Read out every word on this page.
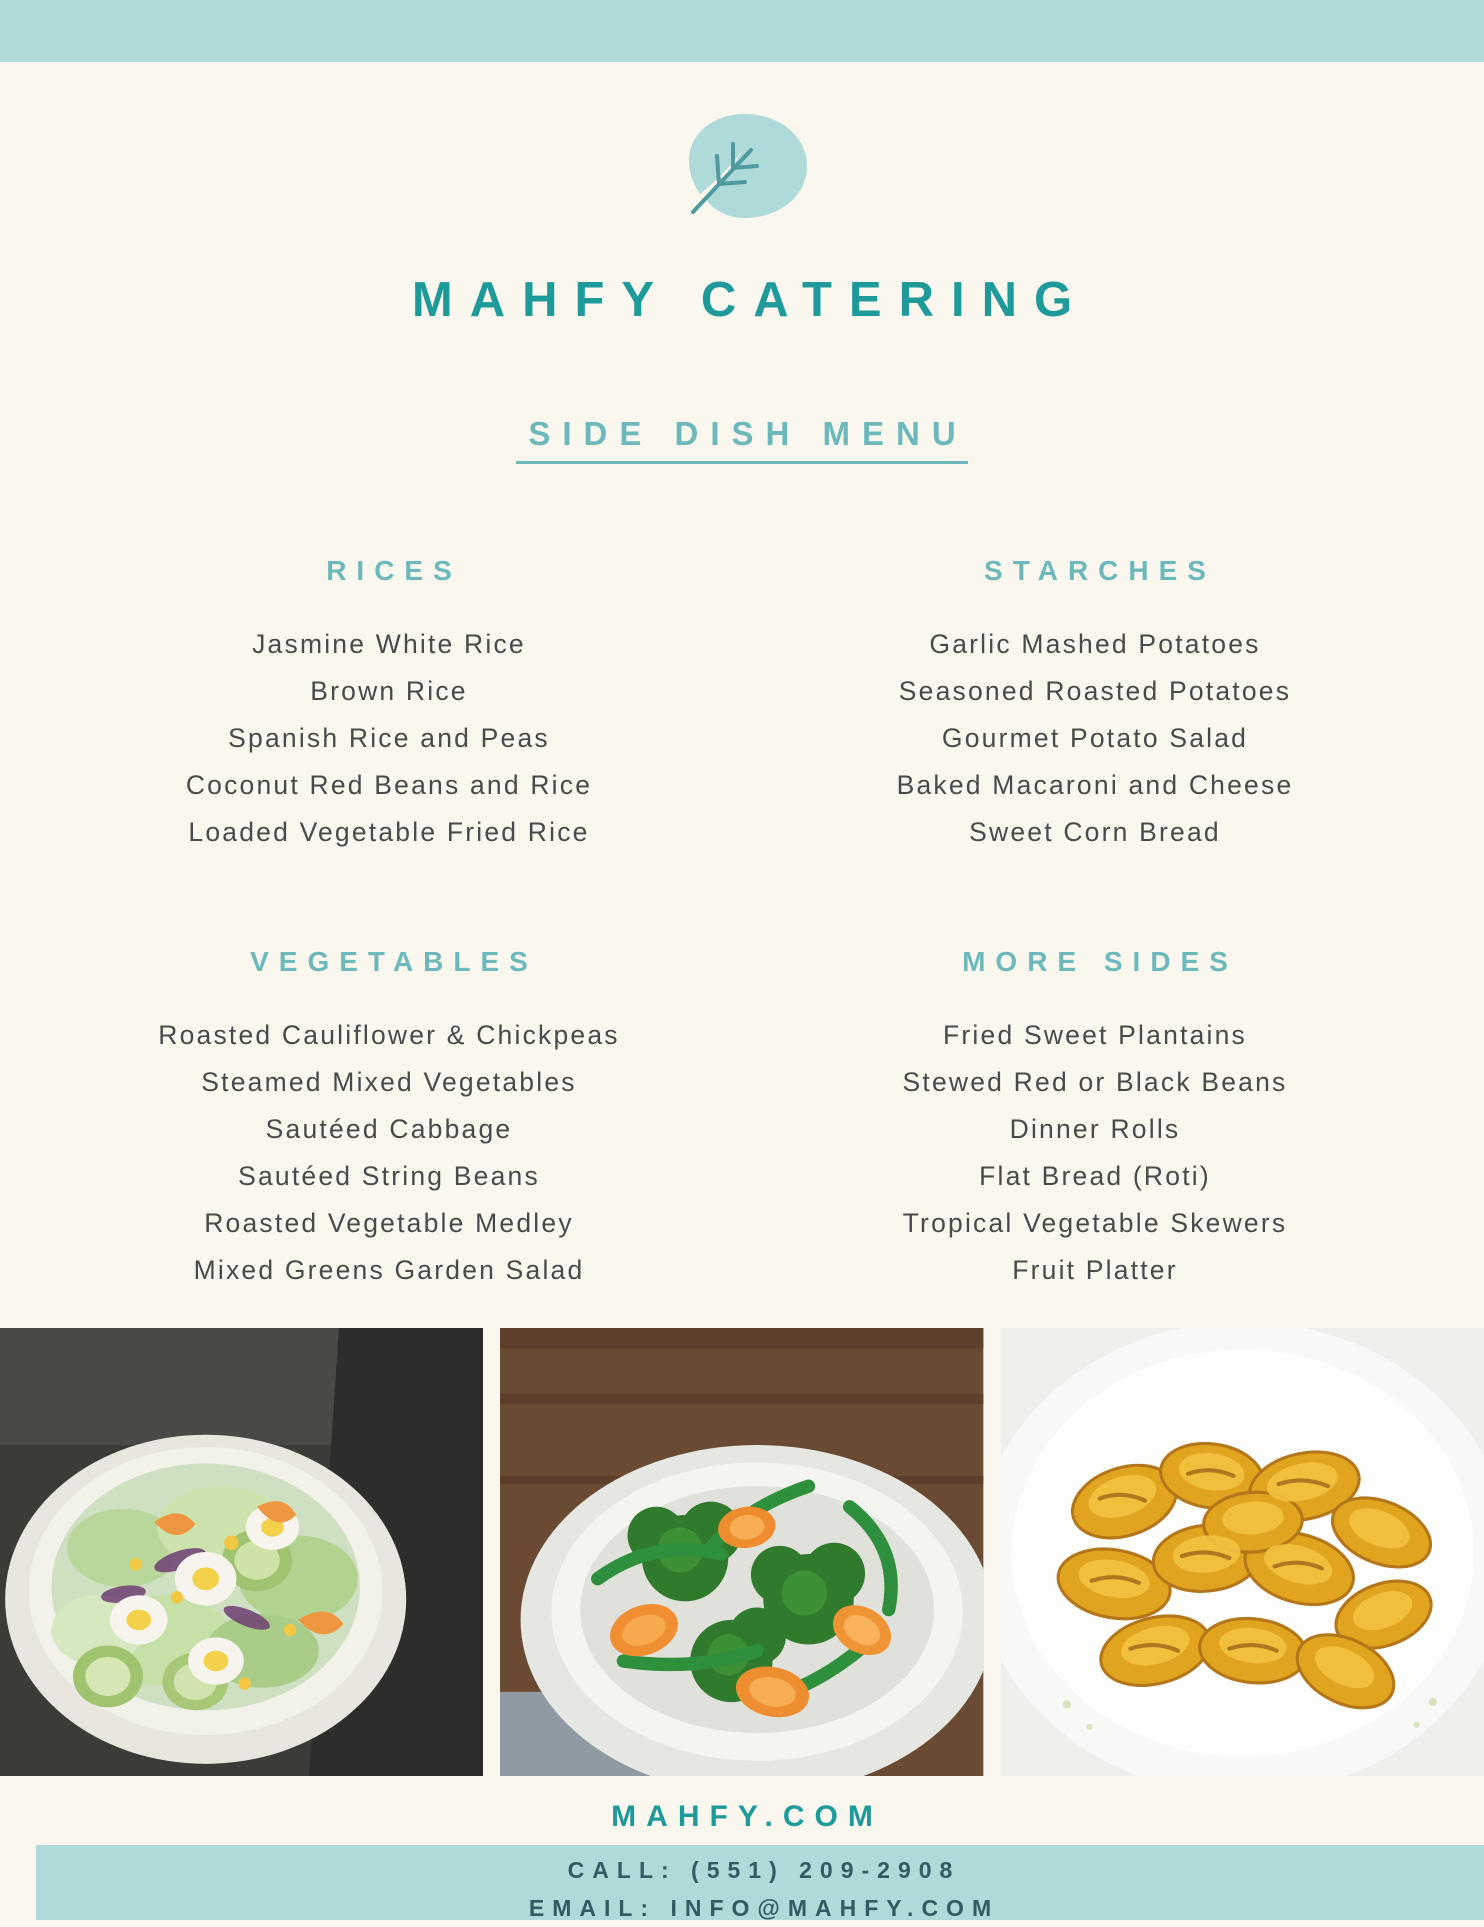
MAHFY CATERING
SIDE DISH MENU
RICES
Jasmine White Rice
Brown Rice
Spanish Rice and Peas
Coconut Red Beans and Rice
Loaded Vegetable Fried Rice
STARCHES
Garlic Mashed Potatoes
Seasoned Roasted Potatoes
Gourmet Potato Salad
Baked Macaroni and Cheese
Sweet Corn Bread
VEGETABLES
Roasted Cauliflower & Chickpeas
Steamed Mixed Vegetables
Sautéed Cabbage
Sautéed String Beans
Roasted Vegetable Medley
Mixed Greens Garden Salad
MORE SIDES
Fried Sweet Plantains
Stewed Red or Black Beans
Dinner Rolls
Flat Bread (Roti)
Tropical Vegetable Skewers
Fruit Platter
MAHFY.COM
CALL: (551) 209-2908
EMAIL: INFO@MAHFY.COM
